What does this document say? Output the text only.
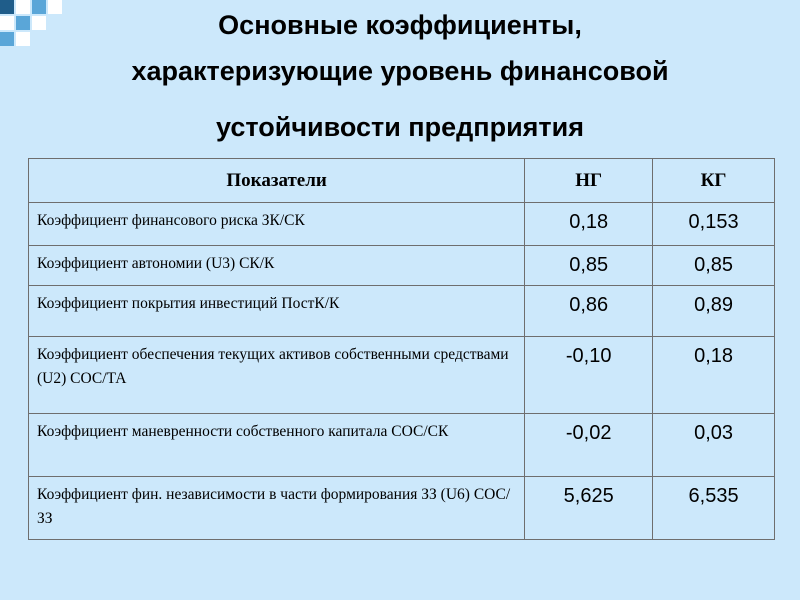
Основные коэффициенты,
характеризующие уровень финансовой
устойчивости предприятия
Показатели	НГ	КГ
Коэффициент финансового риска ЗК/СК	0,18	0,153
Коэффициент автономии (U3) СК/К	0,85	0,85
Коэффициент покрытия инвестиций ПостК/К	0,86	0,89
Коэффициент обеспечения текущих активов собственными средствами (U2) СОС/ТА	-0,10	0,18
Коэффициент маневренности собственного капитала СОС/СК	-0,02	0,03
Коэффициент фин. независимости в части формирования ЗЗ (U6) СОС/ЗЗ	5,625	6,535
